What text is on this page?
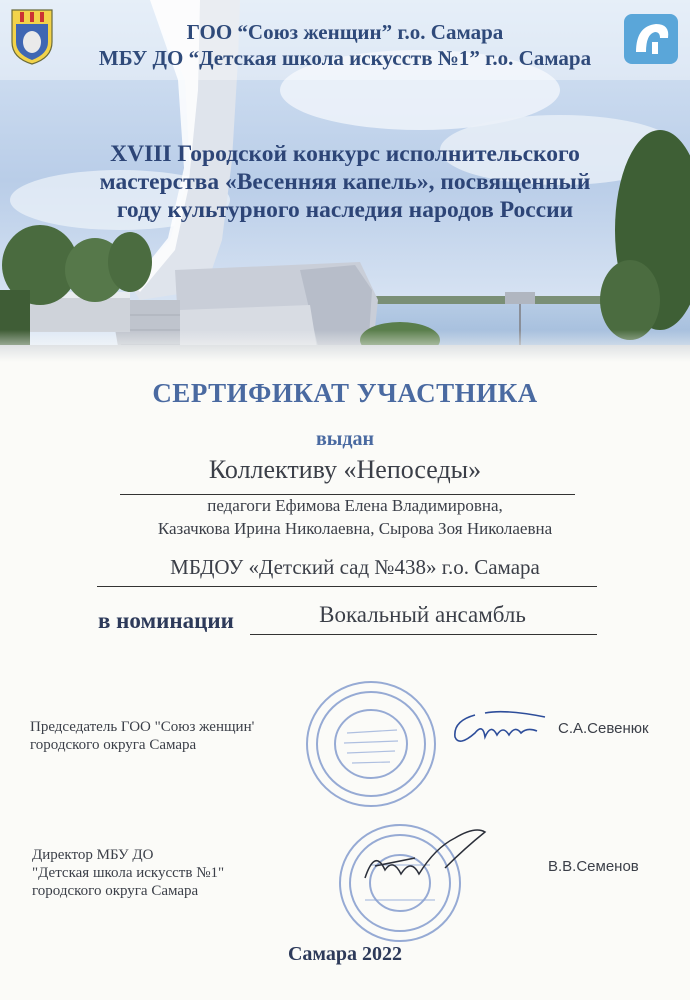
ГОО “Союз женщин” г.о. Самара
МБУ ДО “Детская школа искусств №1” г.о. Самара
XVIII Городской конкурс исполнительского
мастерства «Весенняя капель», посвященный
году культурного наследия народов России
СЕРТИФИКАТ УЧАСТНИКА
выдан
Коллективу «Непоседы»
педагоги Ефимова Елена Владимировна,
Казачкова Ирина Николаевна, Сырова Зоя Николаевна
МБДОУ «Детский сад №438» г.о. Самара
в номинации	Вокальный ансамбль
Председатель ГОО "Союз женщин'
городского округа Самара
С.А.Севенюк
Директор МБУ ДО
"Детская школа искусств №1"
городского округа Самара
В.В.Семенов
Самара 2022
